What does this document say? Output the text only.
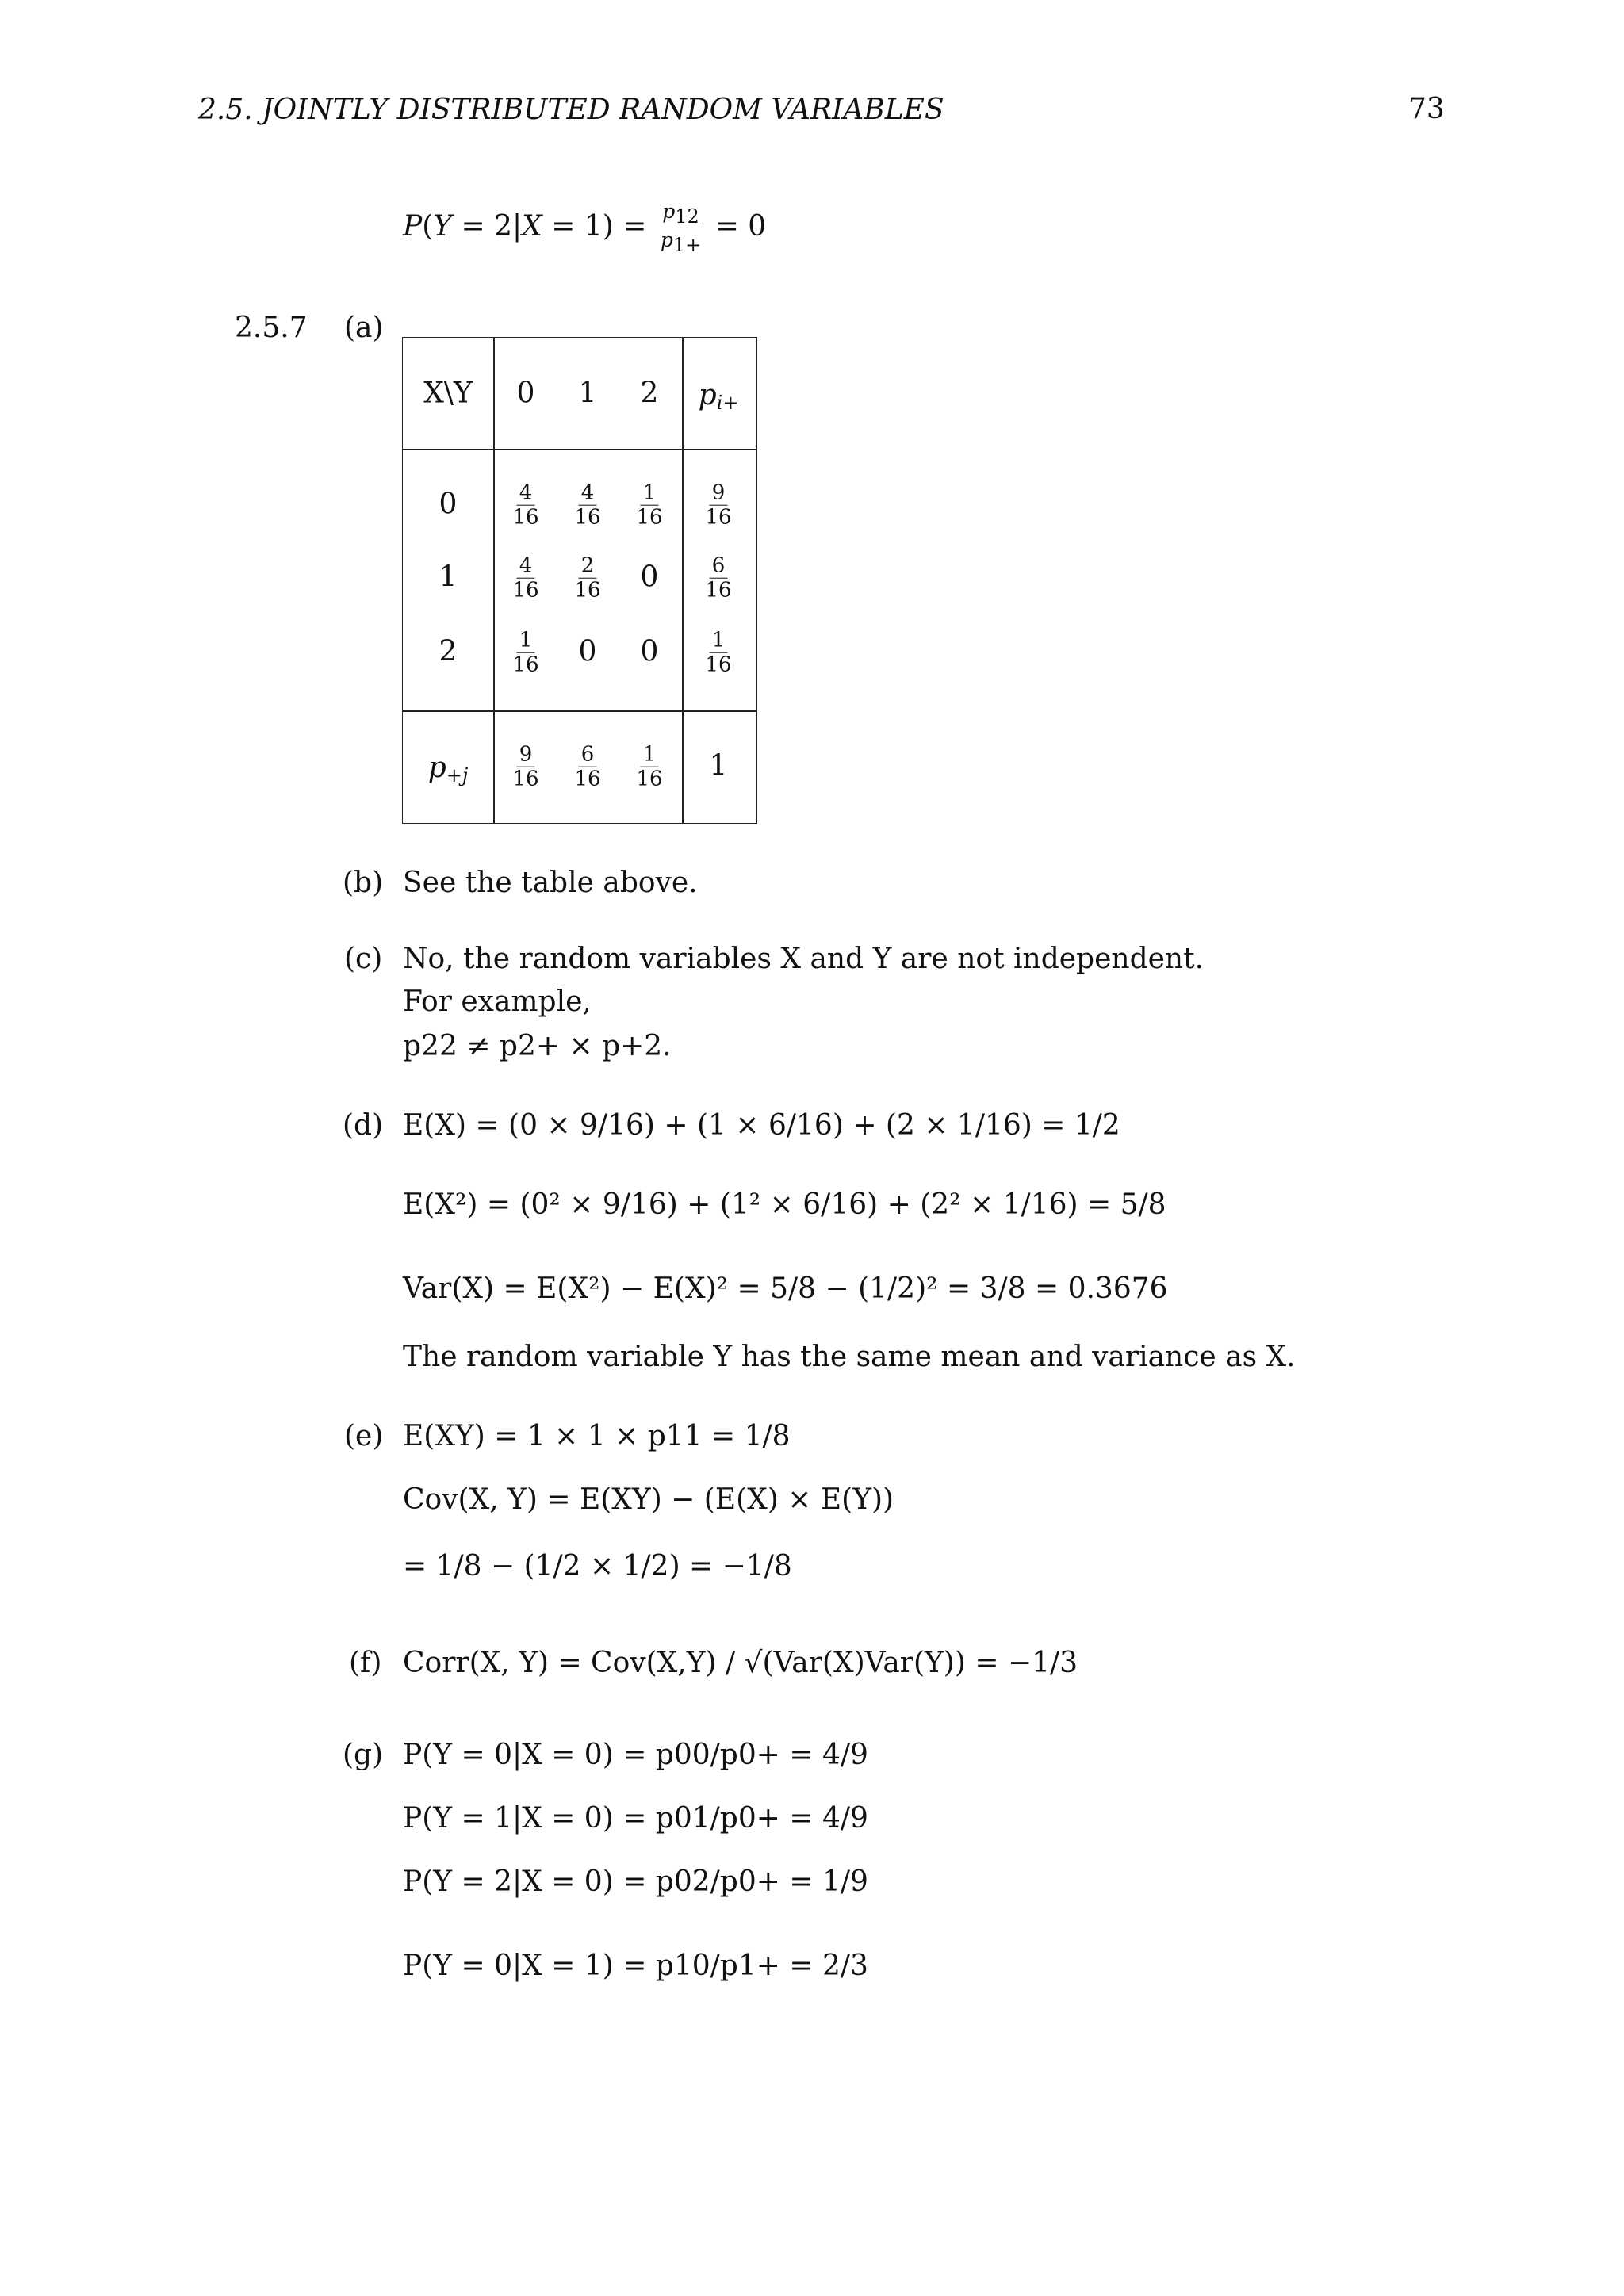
2.5. JOINTLY DISTRIBUTED RANDOM VARIABLES	73
$P(Y = 2|X = 1) = \frac{p_{12}}{p_{1+}} = 0$
2.5.7 (a)
X\Y 0 1 2 $p_{i+}$
0
1
2
$\frac{4}{16} \frac{4}{16} \frac{1}{16} \frac{9}{16}$
$\frac{4}{16} \frac{2}{16} 0 \frac{6}{16}$
$\frac{1}{16} 0$ $0 \frac{1}{16}$
$p_{+j} \frac{9}{16} \frac{6}{16} \frac{1}{16} 1$
(b) See the table above.
(c) No, the random variables X and Y are not independent.
For example,
p22 ≠ p2+ × p+2.
(d) E(X) = (0 × 9/16) + (1 × 6/16) + (2 × 1/16) = 1/2
E(X²) = (0² × 9/16) + (1² × 6/16) + (2² × 1/16) = 5/8
Var(X) = E(X²) − E(X)² = 5/8 − (1/2)² = 3/8 = 0.3676
The random variable Y has the same mean and variance as X.
(e) E(XY) = 1 × 1 × p11 = 1/8
Cov(X, Y) = E(XY) − (E(X) × E(Y))
= 1/8 − (1/2 × 1/2) = −1/8
(f) Corr(X, Y) = Cov(X,Y) / √(Var(X)Var(Y)) = −1/3
(g) P(Y = 0|X = 0) = p00/p0+ = 4/9
P(Y = 1|X = 0) = p01/p0+ = 4/9
P(Y = 2|X = 0) = p02/p0+ = 1/9
P(Y = 0|X = 1) = p10/p1+ = 2/3
